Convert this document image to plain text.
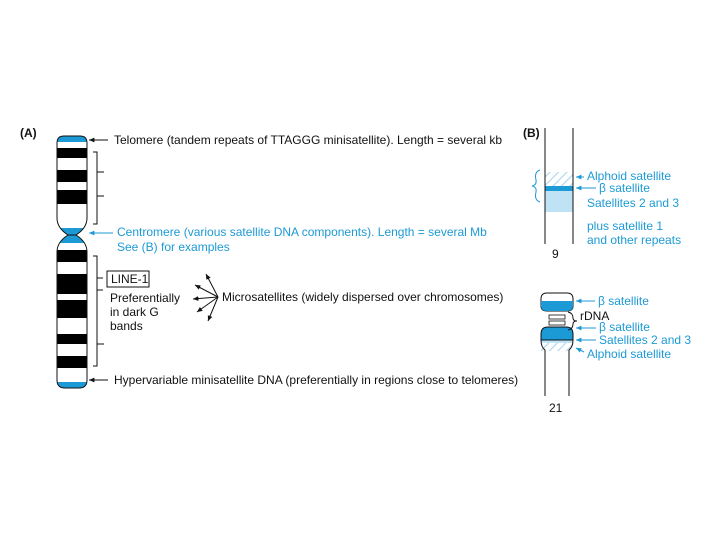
(A)	Telomere (tandem repeats of TTAGGG minisatellite). Length = several kb
Centromere (various satellite DNA components). Length = several Mb
See (B) for examples
LINE-1
Preferentially
in dark G
bands
Microsatellites (widely dispersed over chromosomes)
Hypervariable minisatellite DNA (preferentially in regions close to telomeres)
(B)
Alphoid satellite
β satellite
Satellites 2 and 3
plus satellite 1
and other repeats
9
β satellite
rDNA
β satellite
Satellites 2 and 3
Alphoid satellite
21
